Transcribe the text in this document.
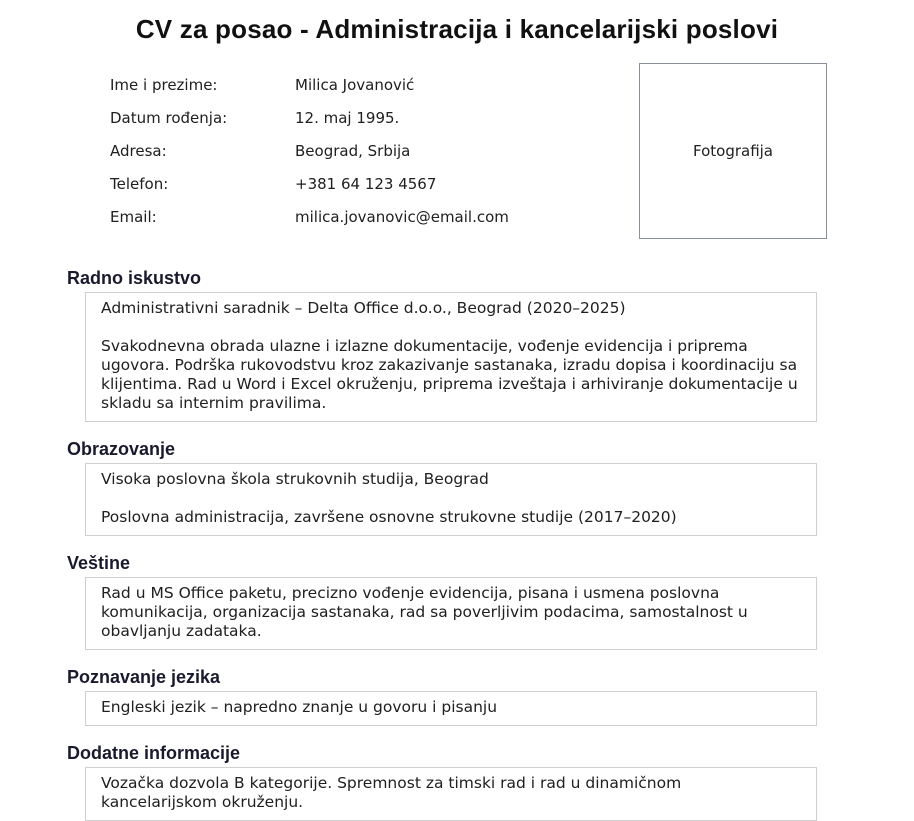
CV za posao - Administracija i kancelarijski poslovi
Ime i prezime:	Milica Jovanović
Datum rođenja:	12. maj 1995.
Adresa:	Beograd, Srbija
Telefon:	+381 64 123 4567
Email:	milica.jovanovic@email.com
Fotografija
Radno iskustvo

Administrativni saradnik – Delta Office d.o.o., Beograd (2020–2025)

Svakodnevna obrada ulazne i izlazne dokumentacije, vođenje evidencija i priprema ugovora. Podrška rukovodstvu kroz zakazivanje sastanaka, izradu dopisa i koordinaciju sa klijentima. Rad u Word i Excel okruženju, priprema izveštaja i arhiviranje dokumentacije u skladu sa internim pravilima.

Obrazovanje

Visoka poslovna škola strukovnih studija, Beograd

Poslovna administracija, završene osnovne strukovne studije (2017–2020)

Veštine

Rad u MS Office paketu, precizno vođenje evidencija, pisana i usmena poslovna komunikacija, organizacija sastanaka, rad sa poverljivim podacima, samostalnost u obavljanju zadataka.

Poznavanje jezika

Engleski jezik – napredno znanje u govoru i pisanju

Dodatne informacije

Vozačka dozvola B kategorije. Spremnost za timski rad i rad u dinamičnom kancelarijskom okruženju.
